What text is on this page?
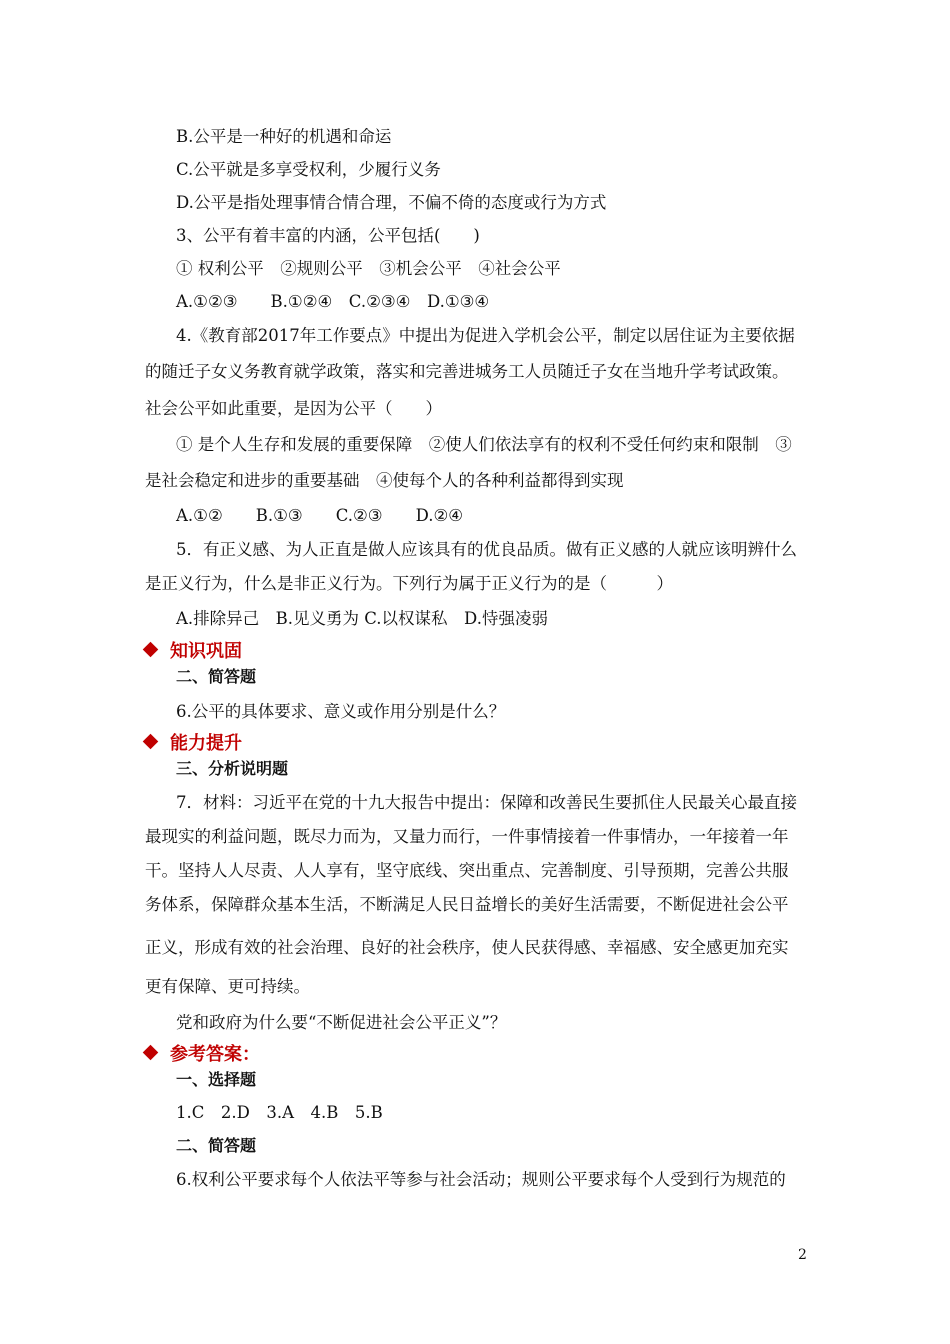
B.公平是一种好的机遇和命运
C.公平就是多享受权利，少履行义务
D.公平是指处理事情合情合理，不偏不倚的态度或行为方式
3、公平有着丰富的内涵，公平包括(　　)
① 权利公平　②规则公平　③机会公平　④社会公平
A.①②③　　B.①②④　C.②③④　D.①③④
4.《教育部2017年工作要点》中提出为促进入学机会公平，制定以居住证为主要依据
的随迁子女义务教育就学政策，落实和完善进城务工人员随迁子女在当地升学考试政策。
社会公平如此重要，是因为公平（　　）
① 是个人生存和发展的重要保障　②使人们依法享有的权利不受任何约束和限制　③
是社会稳定和进步的重要基础　④使每个人的各种利益都得到实现
A.①②　　B.①③　　C.②③　　D.②④
5．有正义感、为人正直是做人应该具有的优良品质。做有正义感的人就应该明辨什么
是正义行为，什么是非正义行为。下列行为属于正义行为的是（　　　）
A.排除异己　B.见义勇为 C.以权谋私　D.恃强凌弱
知识巩固
二、简答题
6.公平的具体要求、意义或作用分别是什么？
能力提升
三、分析说明题
7．材料：习近平在党的十九大报告中提出：保障和改善民生要抓住人民最关心最直接
最现实的利益问题，既尽力而为，又量力而行，一件事情接着一件事情办，一年接着一年
干。坚持人人尽责、人人享有，坚守底线、突出重点、完善制度、引导预期，完善公共服
务体系，保障群众基本生活，不断满足人民日益增长的美好生活需要，不断促进社会公平
正义，形成有效的社会治理、良好的社会秩序，使人民获得感、幸福感、安全感更加充实
更有保障、更可持续。
党和政府为什么要“不断促进社会公平正义”？
参考答案：
一、选择题
1.C　2.D　3.A　4.B　5.B
二、简答题
6.权利公平要求每个人依法平等参与社会活动；规则公平要求每个人受到行为规范的
2
